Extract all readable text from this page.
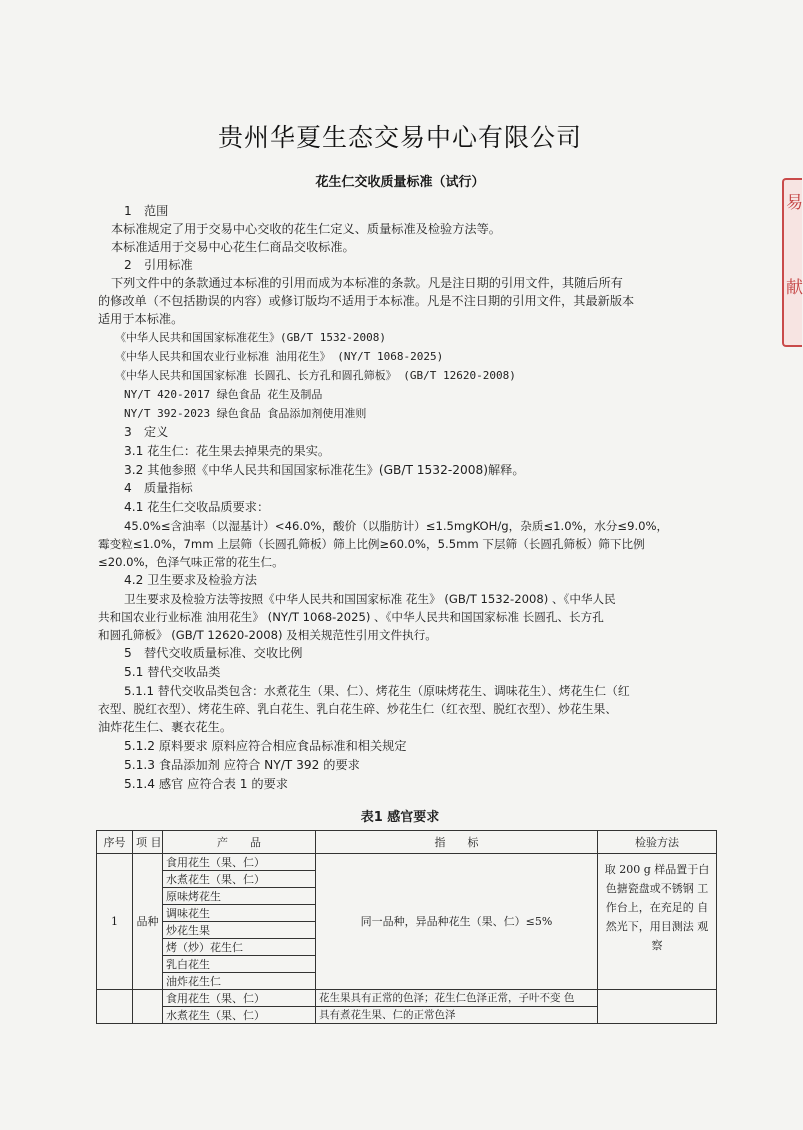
贵州华夏生态交易中心有限公司
花生仁交收质量标准（试行）
1　范围
本标准规定了用于交易中心交收的花生仁定义、质量标准及检验方法等。
本标准适用于交易中心花生仁商品交收标准。
2　引用标准
下列文件中的条款通过本标准的引用而成为本标准的条款。凡是注日期的引用文件，其随后所有
的修改单（不包括勘误的内容）或修订版均不适用于本标准。凡是不注日期的引用文件，其最新版本
适用于本标准。
《中华人民共和国国家标准花生》(GB/T 1532-2008)
《中华人民共和国农业行业标准 油用花生》 (NY/T 1068-2025)
《中华人民共和国国家标准 长圆孔、长方孔和圆孔筛板》 (GB/T 12620-2008)
NY/T 420-2017 绿色食品 花生及制品
NY/T 392-2023 绿色食品 食品添加剂使用准则
3　定义
3.1 花生仁：花生果去掉果壳的果实。
3.2 其他参照《中华人民共和国国家标准花生》(GB/T 1532-2008)解释。
4　质量指标
4.1 花生仁交收品质要求：
45.0%≤含油率（以湿基计）<46.0%，酸价（以脂肪计）≤1.5mgKOH/g，杂质≤1.0%，水分≤9.0%，
霉变粒≤1.0%，7mm 上层筛（长圆孔筛板）筛上比例≥60.0%，5.5mm 下层筛（长圆孔筛板）筛下比例
≤20.0%，色泽气味正常的花生仁。
4.2 卫生要求及检验方法
卫生要求及检验方法等按照《中华人民共和国国家标准 花生》 (GB/T 1532-2008) 、《中华人民
共和国农业行业标准 油用花生》 (NY/T 1068-2025) 、《中华人民共和国国家标准 长圆孔、长方孔
和圆孔筛板》 (GB/T 12620-2008) 及相关规范性引用文件执行。
5　替代交收质量标准、交收比例
5.1 替代交收品类
5.1.1 替代交收品类包含：水煮花生（果、仁）、烤花生（原味烤花生、调味花生）、烤花生仁（红
衣型、脱红衣型）、烤花生碎、乳白花生、乳白花生碎、炒花生仁（红衣型、脱红衣型）、炒花生果、
油炸花生仁、裹衣花生。
5.1.2 原料要求 原料应符合相应食品标准和相关规定
5.1.3 食品添加剂 应符合 NY/T 392 的要求
5.1.4 感官 应符合表 1 的要求
表1 感官要求
序号	项 目	产　　品	指　　标	检验方法
1	品种	食用花生（果、仁）	同一品种，异品种花生（果、仁）≤5%	取 200 g 样品置于白色搪瓷盘或不锈钢 工作台上，在充足的 自然光下，用目测法 观察
		水煮花生（果、仁）		
		原味烤花生		
		调味花生		
		炒花生果		
		烤（炒）花生仁		
		乳白花生		
		油炸花生仁		
		食用花生（果、仁）	花生果具有正常的色泽；花生仁色泽正常，子叶不变 色	
		水煮花生（果、仁）	具有煮花生果、仁的正常色泽	
易
献
